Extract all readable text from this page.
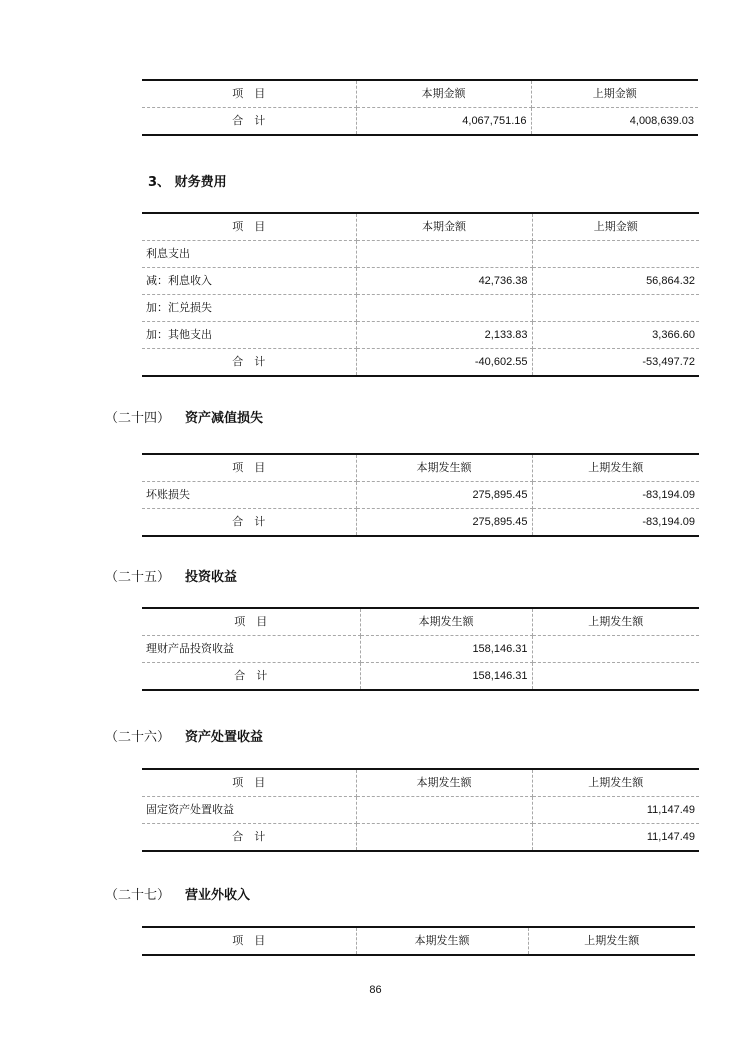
项　目	本期金额	上期金额
合　计	4,067,751.16	4,008,639.03
3、 财务费用
项　目	本期金额	上期金额
利息支出		
减：利息收入	42,736.38	56,864.32
加：汇兑损失		
加：其他支出	2,133.83	3,366.60
合　计	-40,602.55	-53,497.72
（二十四） 资产减值损失
项　目	本期发生额	上期发生额
坏账损失	275,895.45	-83,194.09
合　计	275,895.45	-83,194.09
（二十五） 投资收益
项　目	本期发生额	上期发生额
理财产品投资收益	158,146.31	
合　计	158,146.31	
（二十六） 资产处置收益
项　目	本期发生额	上期发生额
固定资产处置收益		11,147.49
合　计		11,147.49
（二十七） 营业外收入
项　目	本期发生额	上期发生额
86
